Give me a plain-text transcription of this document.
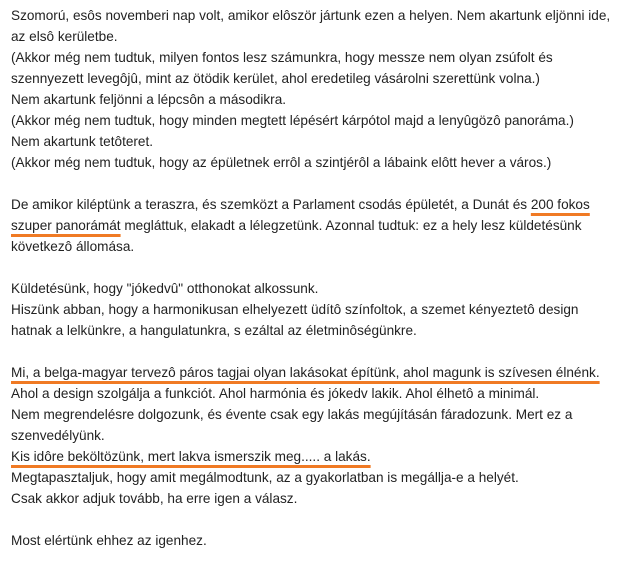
Szomorú, esôs novemberi nap volt, amikor elôször jártunk ezen a helyen. Nem akartunk eljönni ide,

az elsô kerületbe.

(Akkor még nem tudtuk, milyen fontos lesz számunkra, hogy messze nem olyan zsúfolt és

szennyezett levegôjû, mint az ötödik kerület, ahol eredetileg vásárolni szerettünk volna.)

Nem akartunk feljönni a lépcsôn a másodikra.

(Akkor még nem tudtuk, hogy minden megtett lépésért kárpótol majd a lenyûgözô panoráma.)

Nem akartunk tetôteret.

(Akkor még nem tudtuk, hogy az épületnek errôl a szintjérôl a lábaink elôtt hever a város.)

De amikor kiléptünk a teraszra, és szemközt a Parlament csodás épületét, a Dunát és 200 fokos

szuper panorámát megláttuk, elakadt a lélegzetünk. Azonnal tudtuk: ez a hely lesz küldetésünk

következô állomása.

Küldetésünk, hogy "jókedvû" otthonokat alkossunk.

Hiszünk abban, hogy a harmonikusan elhelyezett üdítô színfoltok, a szemet kényeztetô design

hatnak a lelkünkre, a hangulatunkra, s ezáltal az életminôségünkre.

Mi, a belga-magyar tervezô páros tagjai olyan lakásokat építünk, ahol magunk is szívesen élnénk.

Ahol a design szolgálja a funkciót. Ahol harmónia és jókedv lakik. Ahol élhetô a minimál.

Nem megrendelésre dolgozunk, és évente csak egy lakás megújításán fáradozunk. Mert ez a

szenvedélyünk.

Kis idôre beköltözünk, mert lakva ismerszik meg..... a lakás.

Megtapasztaljuk, hogy amit megálmodtunk, az a gyakorlatban is megállja-e a helyét.

Csak akkor adjuk tovább, ha erre igen a válasz.

Most elértünk ehhez az igenhez.
